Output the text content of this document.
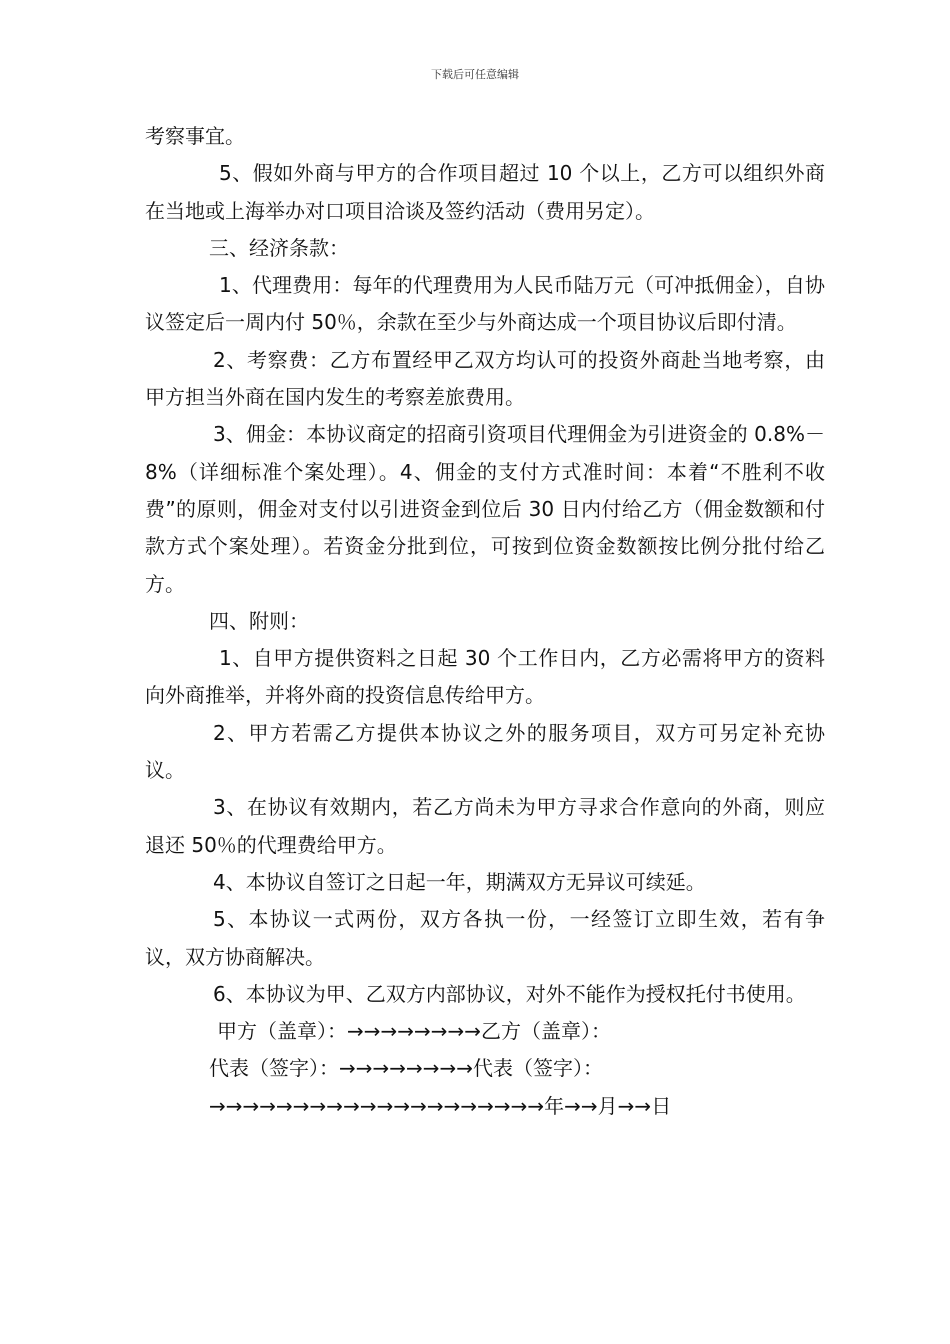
下载后可任意编辑

考察事宜。

5、假如外商与甲方的合作项目超过 10 个以上，乙方可以组织外商在当地或上海举办对口项目洽谈及签约活动（费用另定）。

三、经济条款：

1、代理费用：每年的代理费用为人民币陆万元（可冲抵佣金），自协议签定后一周内付 50％，余款在至少与外商达成一个项目协议后即付清。

2、考察费：乙方布置经甲乙双方均认可的投资外商赴当地考察，由甲方担当外商在国内发生的考察差旅费用。

3、佣金：本协议商定的招商引资项目代理佣金为引进资金的 0.8%－8%（详细标准个案处理）。4、佣金的支付方式准时间：本着“不胜利不收费”的原则，佣金对支付以引进资金到位后 30 日内付给乙方（佣金数额和付款方式个案处理）。若资金分批到位，可按到位资金数额按比例分批付给乙方。

四、附则：

1、自甲方提供资料之日起 30 个工作日内，乙方必需将甲方的资料向外商推举，并将外商的投资信息传给甲方。

2、甲方若需乙方提供本协议之外的服务项目，双方可另定补充协议。

3、在协议有效期内，若乙方尚未为甲方寻求合作意向的外商，则应退还 50％的代理费给甲方。

4、本协议自签订之日起一年，期满双方无异议可续延。

5、本协议一式两份，双方各执一份，一经签订立即生效，若有争议，双方协商解决。

6、本协议为甲、乙双方内部协议，对外不能作为授权托付书使用。

甲方（盖章）：→→→→→→→→乙方（盖章）：
代表（签字）：→→→→→→→→代表（签字）：
→→→→→→→→→→→→→→→→→→→→年→→月→→日
